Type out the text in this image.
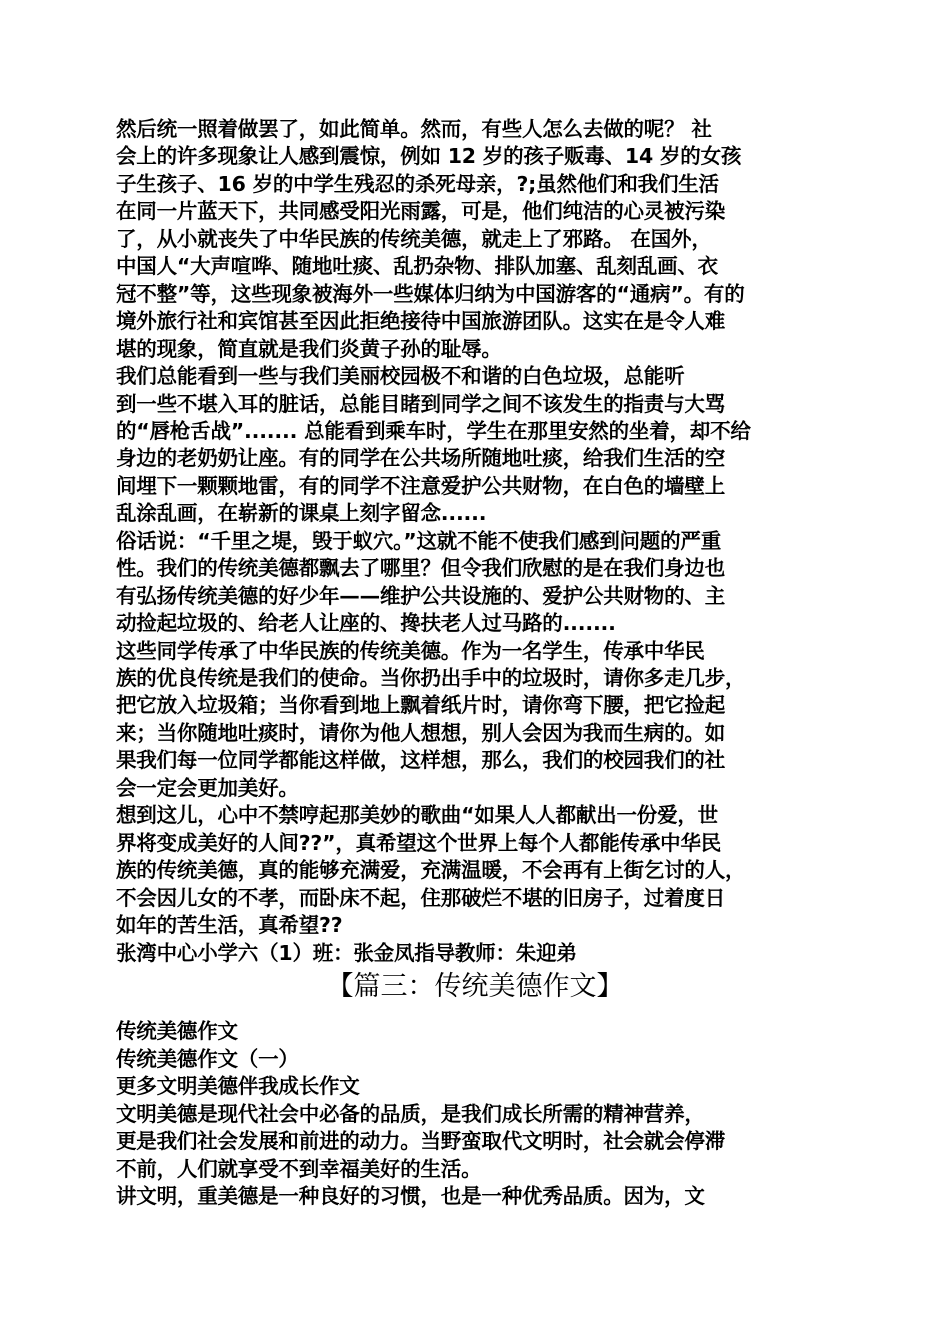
然后统一照着做罢了，如此简单。然而，有些人怎么去做的呢？ 社
会上的许多现象让人感到震惊，例如 12 岁的孩子贩毒、14 岁的女孩
子生孩子、16 岁的中学生残忍的杀死母亲，?;虽然他们和我们生活
在同一片蓝天下，共同感受阳光雨露，可是，他们纯洁的心灵被污染
了，从小就丧失了中华民族的传统美德，就走上了邪路。 在国外，
中国人“大声喧哗、随地吐痰、乱扔杂物、排队加塞、乱刻乱画、衣
冠不整”等，这些现象被海外一些媒体归纳为中国游客的“通病”。有的
境外旅行社和宾馆甚至因此拒绝接待中国旅游团队。这实在是令人难
堪的现象，简直就是我们炎黄子孙的耻辱。
我们总能看到一些与我们美丽校园极不和谐的白色垃圾，总能听
到一些不堪入耳的脏话，总能目睹到同学之间不该发生的指责与大骂
的“唇枪舌战”....... 总能看到乘车时，学生在那里安然的坐着，却不给
身边的老奶奶让座。有的同学在公共场所随地吐痰，给我们生活的空
间埋下一颗颗地雷，有的同学不注意爱护公共财物，在白色的墙壁上
乱涂乱画，在崭新的课桌上刻字留念......
俗话说：“千里之堤，毁于蚁穴。”这就不能不使我们感到问题的严重
性。我们的传统美德都飘去了哪里？但令我们欣慰的是在我们身边也
有弘扬传统美德的好少年——维护公共设施的、爱护公共财物的、主
动捡起垃圾的、给老人让座的、搀扶老人过马路的.......
这些同学传承了中华民族的传统美德。作为一名学生，传承中华民
族的优良传统是我们的使命。当你扔出手中的垃圾时，请你多走几步，
把它放入垃圾箱；当你看到地上飘着纸片时，请你弯下腰，把它捡起
来；当你随地吐痰时，请你为他人想想，别人会因为我而生病的。如
果我们每一位同学都能这样做，这样想，那么，我们的校园我们的社
会一定会更加美好。
想到这儿，心中不禁哼起那美妙的歌曲“如果人人都献出一份爱，世
界将变成美好的人间??”，真希望这个世界上每个人都能传承中华民
族的传统美德，真的能够充满爱，充满温暖，不会再有上街乞讨的人，
不会因儿女的不孝，而卧床不起，住那破烂不堪的旧房子，过着度日
如年的苦生活，真希望??
张湾中心小学六（1）班：张金凤指导教师：朱迎弟
【篇三：传统美德作文】
传统美德作文
传统美德作文（一）
更多文明美德伴我成长作文
文明美德是现代社会中必备的品质，是我们成长所需的精神营养，
更是我们社会发展和前进的动力。当野蛮取代文明时，社会就会停滞
不前，人们就享受不到幸福美好的生活。
讲文明，重美德是一种良好的习惯，也是一种优秀品质。因为，文
